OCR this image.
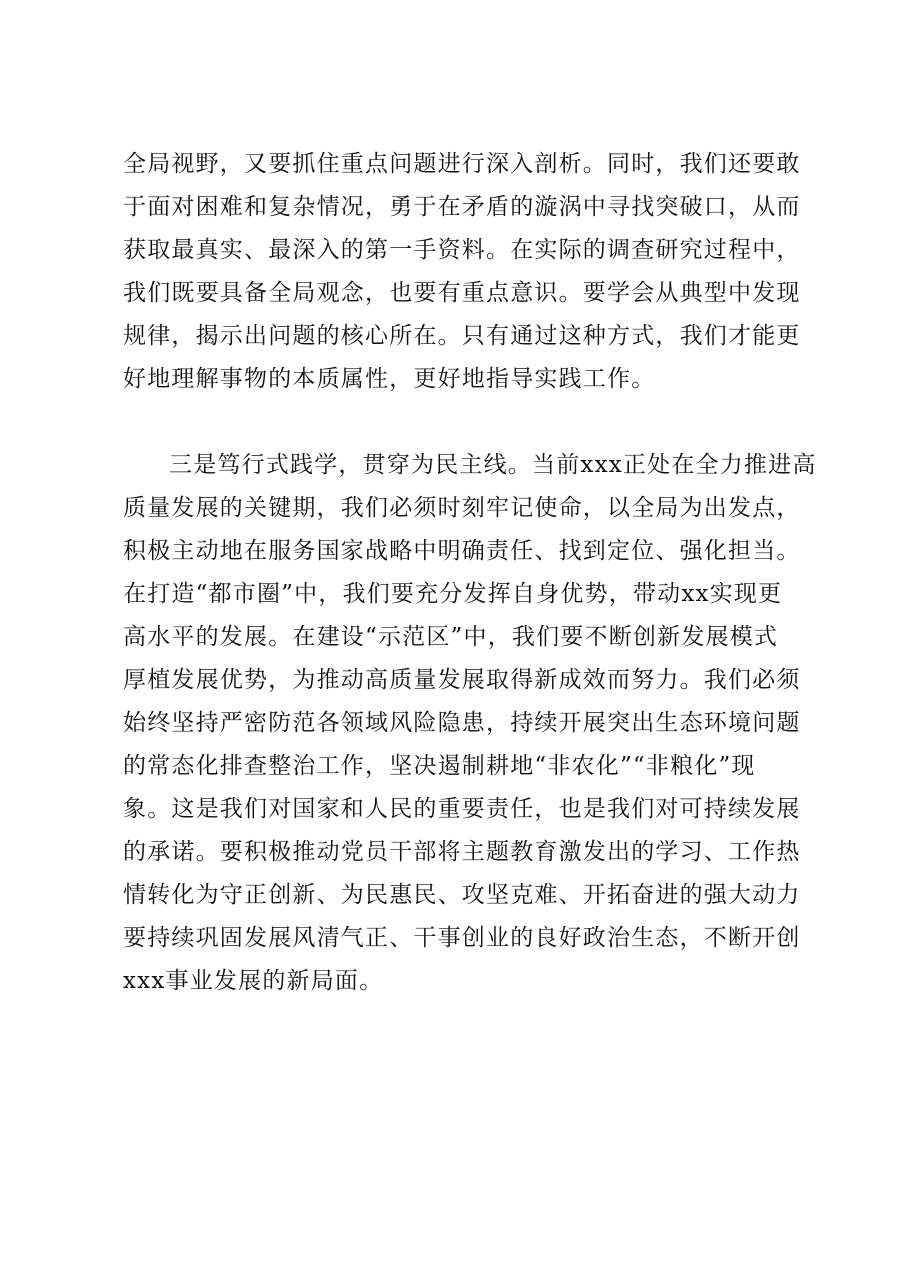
全局视野，又要抓住重点问题进行深入剖析。同时，我们还要敢
于面对困难和复杂情况，勇于在矛盾的漩涡中寻找突破口，从而
获取最真实、最深入的第一手资料。在实际的调查研究过程中，
我们既要具备全局观念，也要有重点意识。要学会从典型中发现
规律，揭示出问题的核心所在。只有通过这种方式，我们才能更
好地理解事物的本质属性，更好地指导实践工作。
三是笃行式践学，贯穿为民主线。当前xxx正处在全力推进高
质量发展的关键期，我们必须时刻牢记使命，以全局为出发点，
积极主动地在服务国家战略中明确责任、找到定位、强化担当。
在打造“都市圈”中，我们要充分发挥自身优势，带动xx实现更
高水平的发展。在建设“示范区”中，我们要不断创新发展模式
厚植发展优势，为推动高质量发展取得新成效而努力。我们必须
始终坚持严密防范各领域风险隐患，持续开展突出生态环境问题
的常态化排查整治工作，坚决遏制耕地“非农化”“非粮化”现
象。这是我们对国家和人民的重要责任，也是我们对可持续发展
的承诺。要积极推动党员干部将主题教育激发出的学习、工作热
情转化为守正创新、为民惠民、攻坚克难、开拓奋进的强大动力
要持续巩固发展风清气正、干事创业的良好政治生态，不断开创
xxx事业发展的新局面。
